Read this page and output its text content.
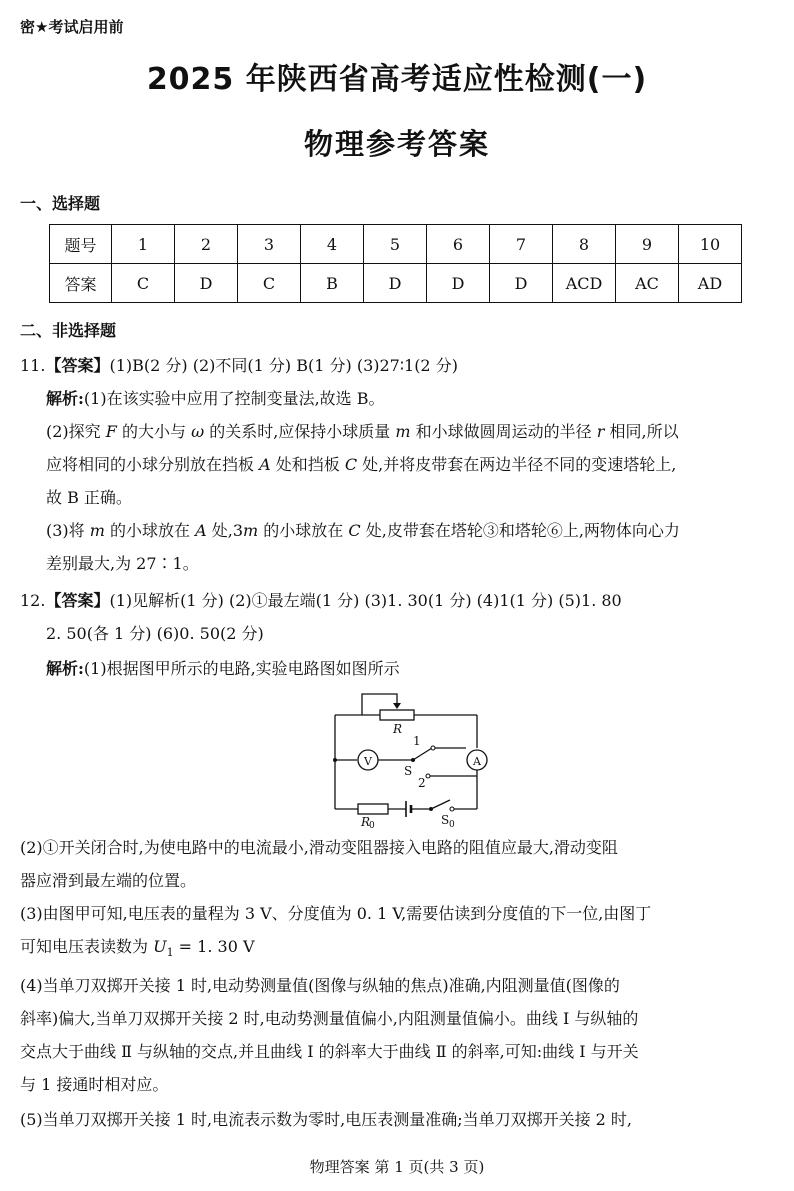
密★考试启用前
2025 年陕西省高考适应性检测(一)
物理参考答案
一、选择题
题号	1	2	3	4	5	6	7	8	9	10
答案	C	D	C	B	D	D	D	ACD	AC	AD
二、非选择题
11.【答案】(1)B(2 分) (2)不同(1 分) B(1 分) (3)27∶1(2 分)
解析:(1)在该实验中应用了控制变量法,故选 B。
(2)探究 F 的大小与 ω 的关系时,应保持小球质量 m 和小球做圆周运动的半径 r 相同,所以
应将相同的小球分别放在挡板 A 处和挡板 C 处,并将皮带套在两边半径不同的变速塔轮上,
故 B 正确。
(3)将 m 的小球放在 A 处,3m 的小球放在 C 处,皮带套在塔轮③和塔轮⑥上,两物体向心力
差别最大,为 27∶1。
12.【答案】(1)见解析(1 分) (2)①最左端(1 分) (3)1. 30(1 分) (4)1(1 分) (5)1. 80
2. 50(各 1 分) (6)0. 50(2 分)
解析:(1)根据图甲所示的电路,实验电路图如图所示
R
V	A
1
S
2
R
0	S 0
(2)①开关闭合时,为使电路中的电流最小,滑动变阻器接入电路的阻值应最大,滑动变阻
器应滑到最左端的位置。
(3)由图甲可知,电压表的量程为 3 V、分度值为 0. 1 V,需要估读到分度值的下一位,由图丁
可知电压表读数为 $U_1 = 1$. 30 V
(4)当单刀双掷开关接 1 时,电动势测量值(图像与纵轴的焦点)准确,内阻测量值(图像的
斜率)偏大,当单刀双掷开关接 2 时,电动势测量值偏小,内阻测量值偏小。曲线 Ⅰ 与纵轴的
交点大于曲线 Ⅱ 与纵轴的交点,并且曲线 Ⅰ 的斜率大于曲线 Ⅱ 的斜率,可知:曲线 Ⅰ 与开关
与 1 接通时相对应。
(5)当单刀双掷开关接 1 时,电流表示数为零时,电压表测量准确;当单刀双掷开关接 2 时,
物理答案 第 1 页(共 3 页)
